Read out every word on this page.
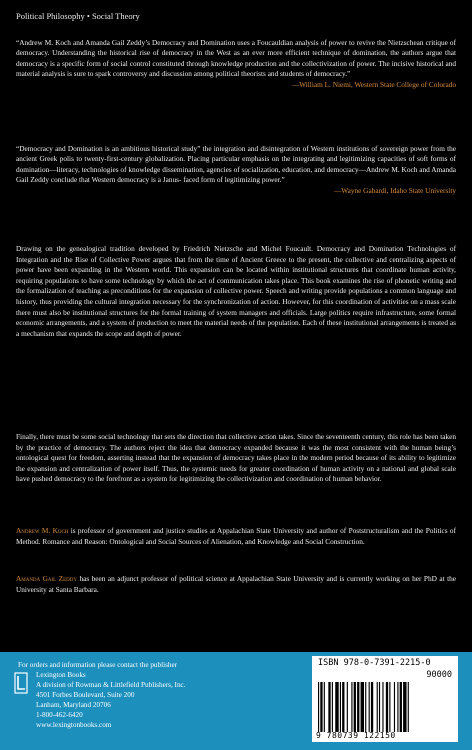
Political Philosophy • Social Theory
“Andrew M. Koch and Amanda Gail Zeddy’s Democracy and Domination uses a Foucauldian analysis of power to revive the Nietzschean critique of democracy. Understanding the historical rise of democracy in the West as an ever more efficient technique of domination, the authors argue that democracy is a specific form of social control constituted through knowledge production and the collectivization of power. The incisive historical and material analysis is sure to spark controversy and discussion among political theorists and students of democracy.”
—William L. Niemi, Western State College of Colorado
“Democracy and Domination is an ambitious historical study” the integration and disintegration of Western institutions of sovereign power from the ancient Greek polis to twenty-first-century globalization. Placing particular emphasis on the integrating and legitimizing capacities of soft forms of domination—literacy, technologies of knowledge dissemination, agencies of socialization, education, and democracy—Andrew M. Koch and Amanda Gail Zeddy conclude that Western democracy is a Janus- faced form of legitimizing power.”
—Wayne Gabardi, Idaho State University
Drawing on the genealogical tradition developed by Friedrich Nietzsche and Michel Foucault. Democracy and Domination Technologies of Integration and the Rise of Collective Power argues that from the time of Ancient Greece to the present, the collective and centralizing aspects of power have been expanding in the Western world. This expansion can be located within institutional structures that coordinate human activity, requiring populations to have some technology by which the act of communication takes place. This book examines the rise of phonetic writing and the formalization of teaching as preconditions for the expansion of collective power. Speech and writing provide populations a common language and history, thus providing the cultural integration necessary for the synchronization of action. However, for this coordination of activities on a mass scale there must also be institutional structures for the formal training of system managers and officials. Large politics require infrastructure, some formal economic arrangements, and a system of production to meet the material needs of the population. Each of these institutional arrangements is treated as a mechanism that expands the scope and depth of power.
Finally, there must be some social technology that sets the direction that collective action takes. Since the seventeenth century, this role has been taken by the practice of democracy. The authors reject the idea that democracy expanded because it was the most consistent with the human being’s ontological quest for freedom, asserting instead that the expansion of democracy takes place in the modern period because of its ability to legitimize the expansion and centralization of power itself. Thus, the systemic needs for greater coordination of human activity on a national and global scale have pushed democracy to the forefront as a system for legitimizing the collectivization and coordination of human behavior.
Andrew M. Koch is professor of government and justice studies at Appalachian State University and author of Poststructuralism and the Politics of Method. Romance and Reason: Ontological and Social Sources of Alienation, and Knowledge and Social Construction.
Amanda Gail Zeddy has been an adjunct professor of political science at Appalachian State University and is currently working on her PhD at the University at Santa Barbara.
For orders and information please contact the publisher
Lexington Books
A division of Rowman & Littlefield Publishers, Inc.
4501 Forbes Boulevard, Suite 200
Lanham, Maryland 20706
1-800-462-6420
www.lexingtonbooks.com
ISBN 978-0-7391-2215-0
90000
9 780739 122150
